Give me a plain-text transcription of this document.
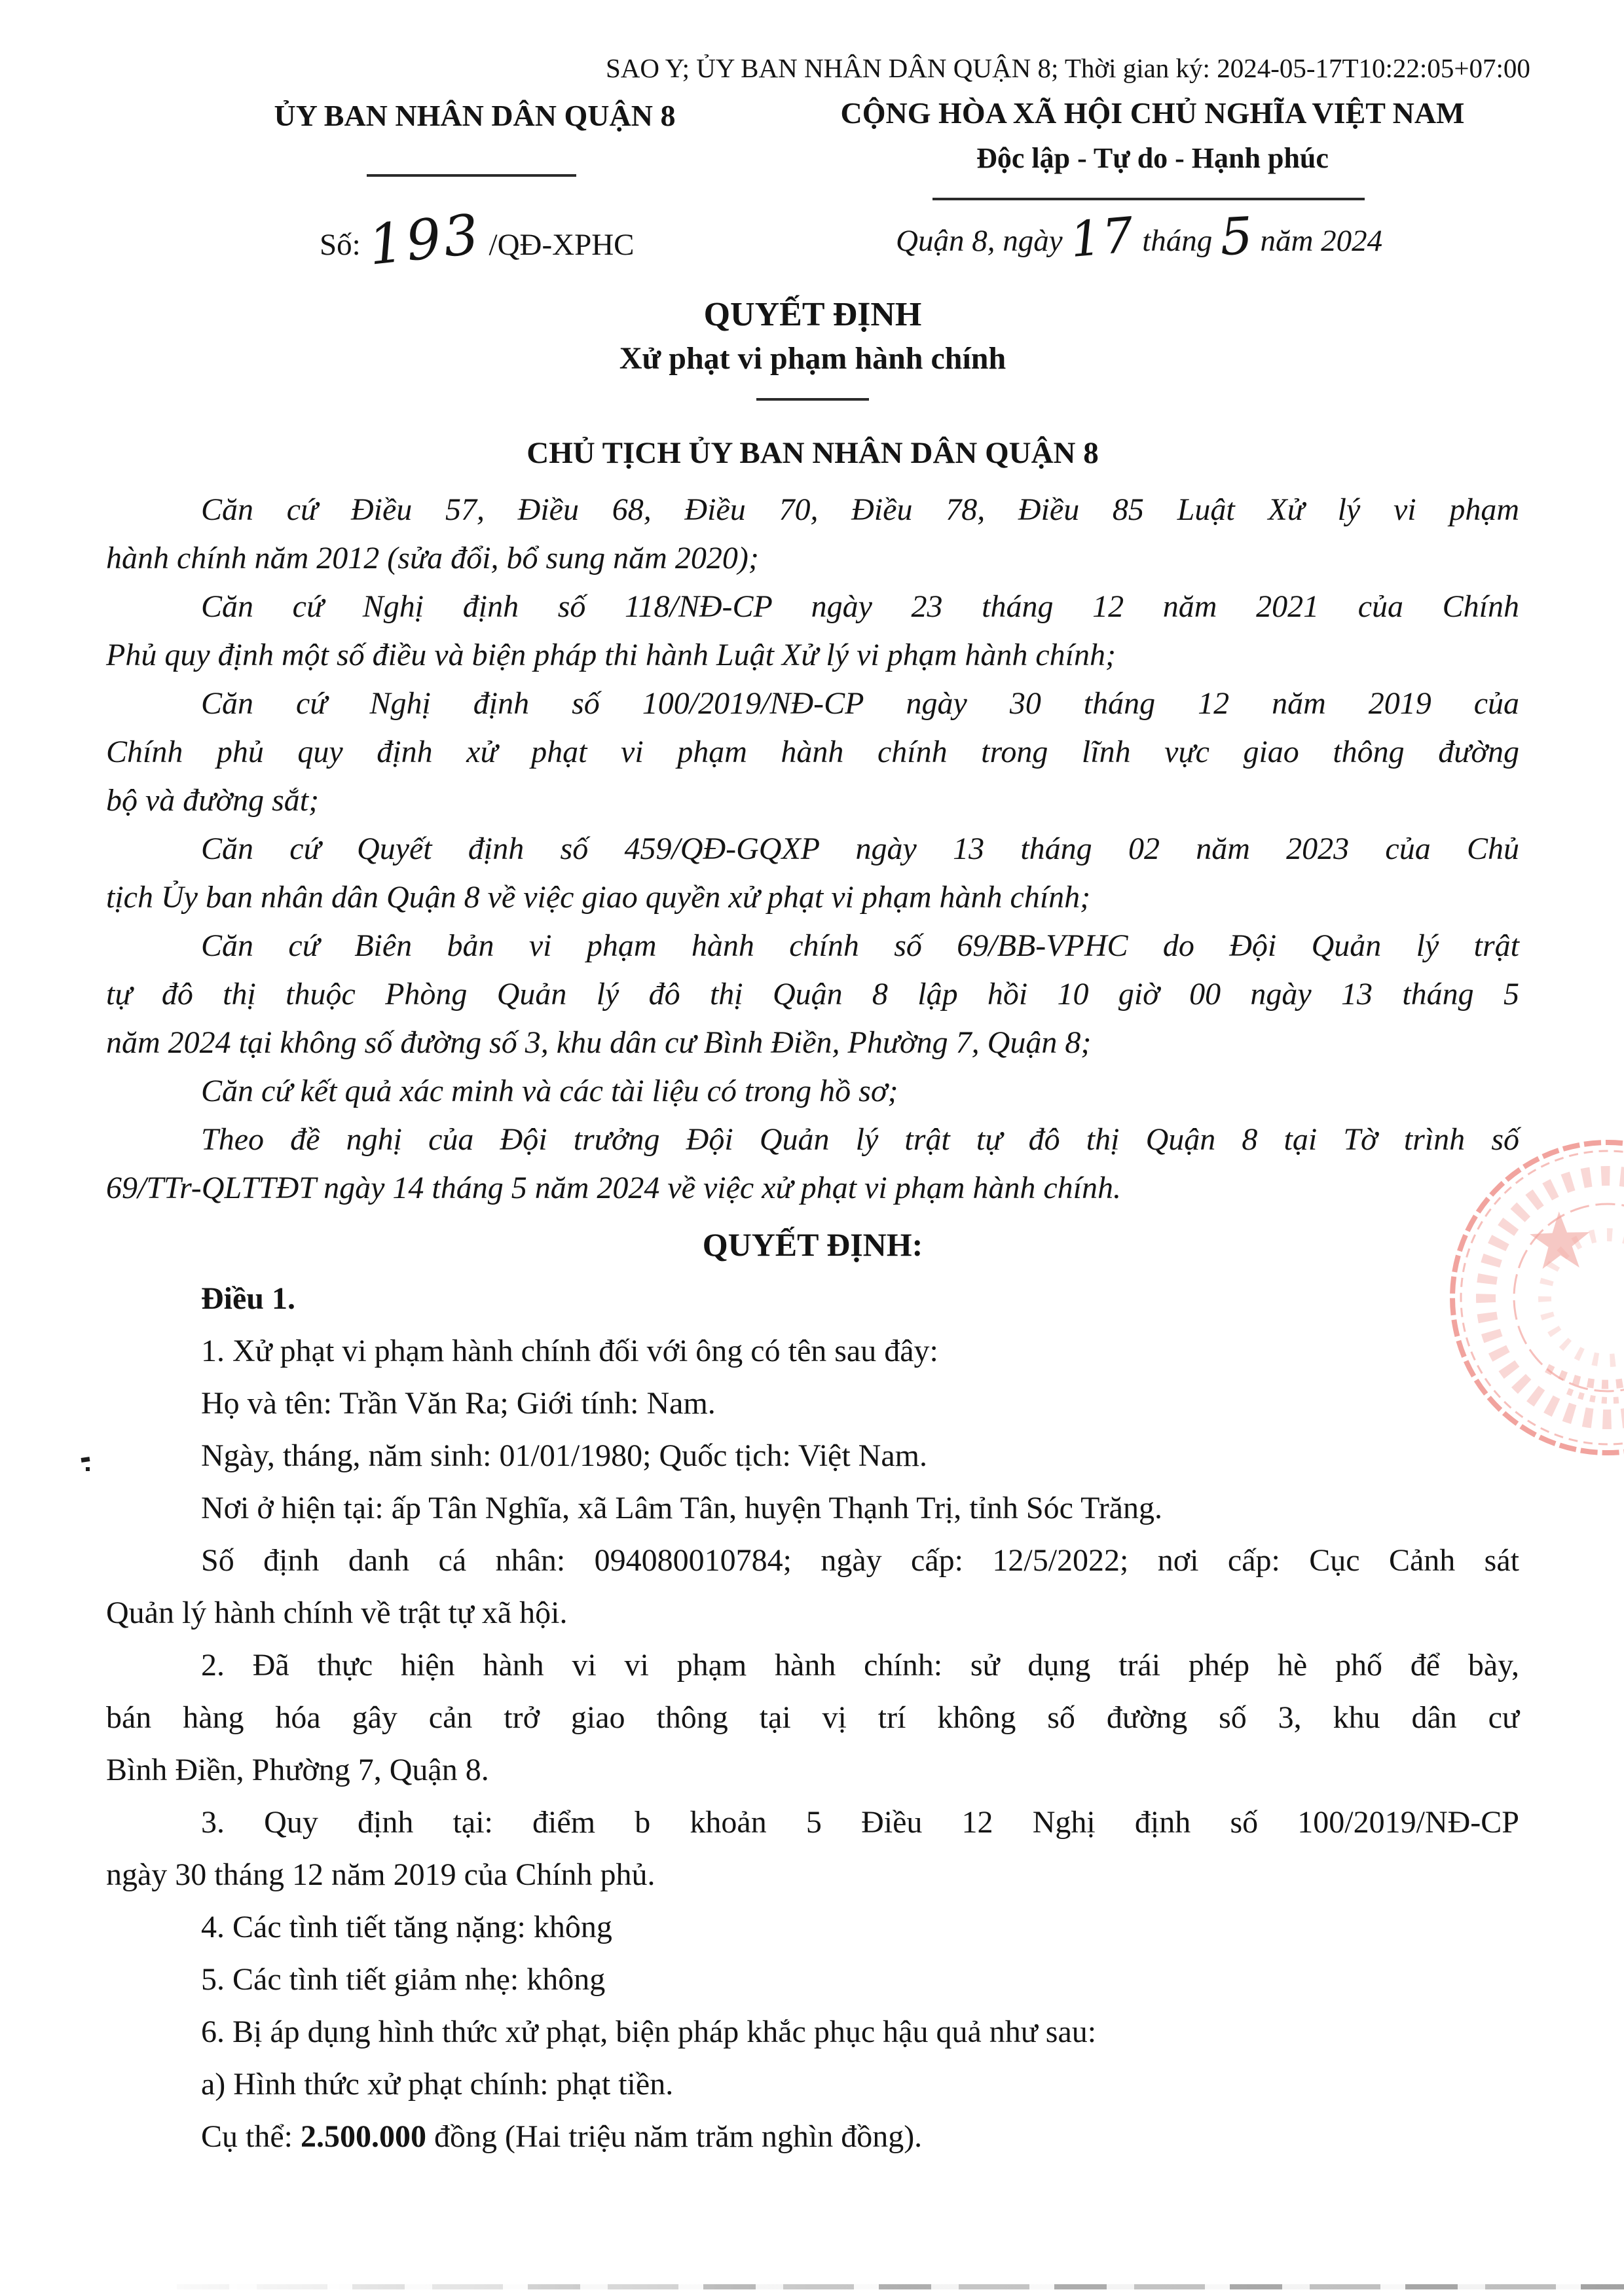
SAO Y; ỦY BAN NHÂN DÂN QUẬN 8; Thời gian ký: 2024-05-17T10:22:05+07:00
ỦY BAN NHÂN DÂN QUẬN 8	CỘNG HÒA XÃ HỘI CHỦ NGHĨA VIỆT NAM
Độc lập - Tự do - Hạnh phúc
Số: 193 /QĐ-XPHC	Quận 8, ngày 17 tháng 5 năm 2024
QUYẾT ĐỊNH
Xử phạt vi phạm hành chính
CHỦ TỊCH ỦY BAN NHÂN DÂN QUẬN 8
Căn cứ Điều 57, Điều 68, Điều 70, Điều 78, Điều 85 Luật Xử lý vi phạm
hành chính năm 2012 (sửa đổi, bổ sung năm 2020);
Căn cứ Nghị định số 118/NĐ-CP ngày 23 tháng 12 năm 2021 của Chính
Phủ quy định một số điều và biện pháp thi hành Luật Xử lý vi phạm hành chính;
Căn cứ Nghị định số 100/2019/NĐ-CP ngày 30 tháng 12 năm 2019 của
Chính phủ quy định xử phạt vi phạm hành chính trong lĩnh vực giao thông đường
bộ và đường sắt;
Căn cứ Quyết định số 459/QĐ-GQXP ngày 13 tháng 02 năm 2023 của Chủ
tịch Ủy ban nhân dân Quận 8 về việc giao quyền xử phạt vi phạm hành chính;
Căn cứ Biên bản vi phạm hành chính số 69/BB-VPHC do Đội Quản lý trật
tự đô thị thuộc Phòng Quản lý đô thị Quận 8 lập hồi 10 giờ 00 ngày 13 tháng 5
năm 2024 tại không số đường số 3, khu dân cư Bình Điền, Phường 7, Quận 8;
Căn cứ kết quả xác minh và các tài liệu có trong hồ sơ;
Theo đề nghị của Đội trưởng Đội Quản lý trật tự đô thị Quận 8 tại Tờ trình số
69/TTr-QLTTĐT ngày 14 tháng 5 năm 2024 về việc xử phạt vi phạm hành chính.
QUYẾT ĐỊNH:
Điều 1.
1. Xử phạt vi phạm hành chính đối với ông có tên sau đây:
Họ và tên: Trần Văn Ra; Giới tính: Nam.
Ngày, tháng, năm sinh: 01/01/1980; Quốc tịch: Việt Nam.
Nơi ở hiện tại: ấp Tân Nghĩa, xã Lâm Tân, huyện Thạnh Trị, tỉnh Sóc Trăng.
Số định danh cá nhân: 094080010784; ngày cấp: 12/5/2022; nơi cấp: Cục Cảnh sát
Quản lý hành chính về trật tự xã hội.
2. Đã thực hiện hành vi vi phạm hành chính: sử dụng trái phép hè phố để bày,
bán hàng hóa gây cản trở giao thông tại vị trí không số đường số 3, khu dân cư
Bình Điền, Phường 7, Quận 8.
3. Quy định tại: điểm b khoản 5 Điều 12 Nghị định số 100/2019/NĐ-CP
ngày 30 tháng 12 năm 2019 của Chính phủ.
4. Các tình tiết tăng nặng: không
5. Các tình tiết giảm nhẹ: không
6. Bị áp dụng hình thức xử phạt, biện pháp khắc phục hậu quả như sau:
a) Hình thức xử phạt chính: phạt tiền.
Cụ thể: 2.500.000 đồng (Hai triệu năm trăm nghìn đồng).
